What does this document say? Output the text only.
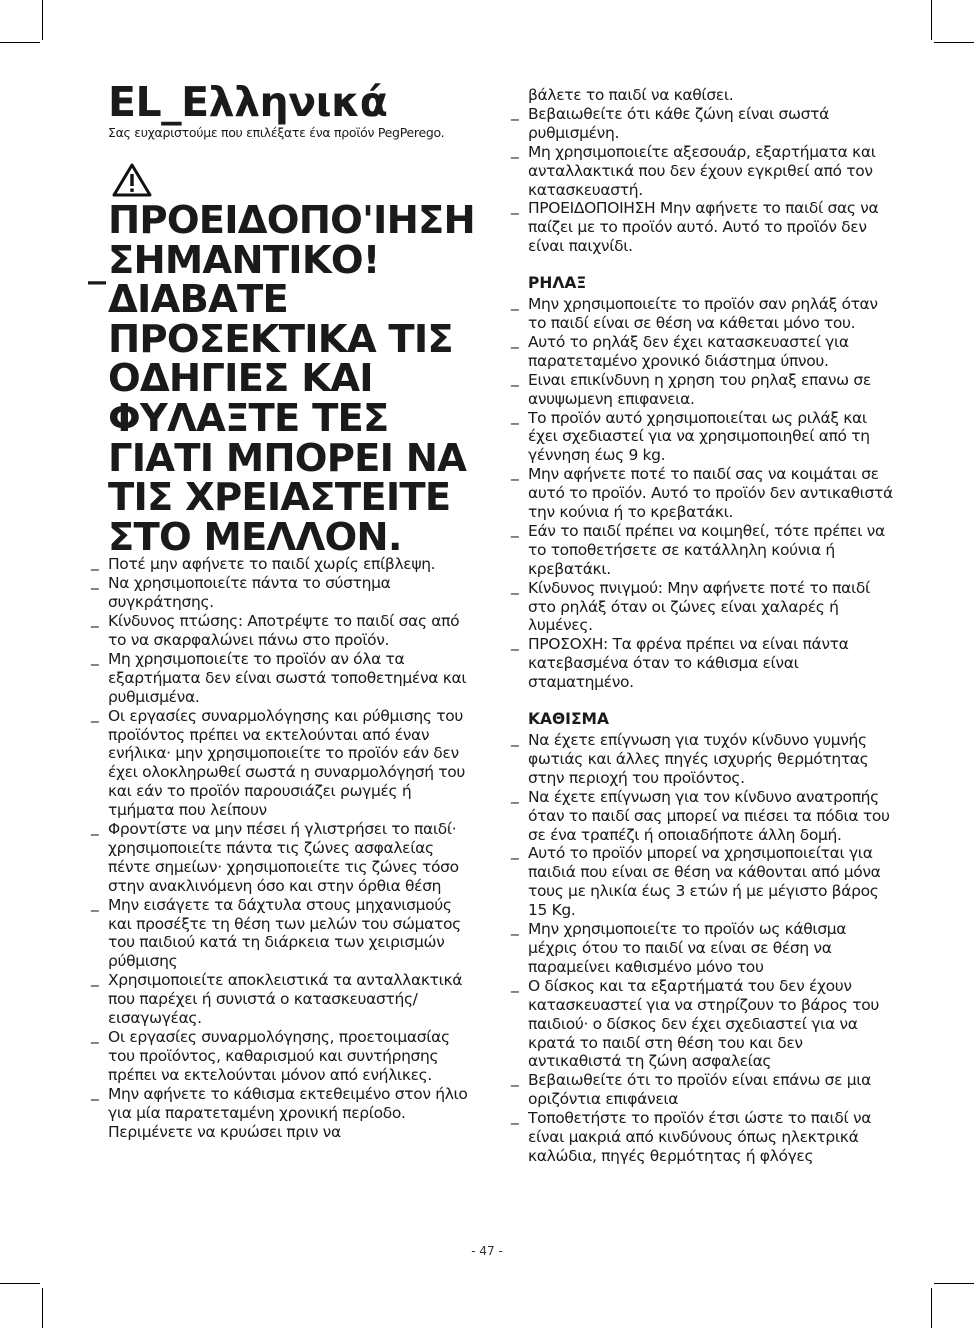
EL_Ελληνικά

Σας ευχαριστούμε που επιλέξατε ένα προϊόν PegPerego.

_
ΠΡΟΕΙΔΟΠΟ'ΙΗΣΗ
ΣΗΜΑΝΤΙΚΟ! ΔΙΑΒΑΤΕ ΠΡΟΣΕΚΤΙΚΑ ΤΙΣ ΟΔΗΓΙΕΣ ΚΑΙ ΦΥΛΑΞΤΕ ΤΕΣ ΓΙΑΤΙ ΜΠΟΡΕΙ ΝΑ ΤΙΣ ΧΡΕΙΑΣΤΕΙΤΕ ΣΤΟ ΜΕΛΛΟΝ.
_ Ποτέ μην αφήνετε το παιδί χωρίς επίβλεψη.
_ Να χρησιμοποιείτε πάντα το σύστημα συγκράτησης.
_ Κίνδυνος πτώσης: Αποτρέψτε το παιδί σας από το να σκαρφαλώνει πάνω στο προϊόν.
_ Μη χρησιμοποιείτε το προϊόν αν όλα τα εξαρτήματα δεν είναι σωστά τοποθετημένα και ρυθμισμένα.
_ Οι εργασίες συναρμολόγησης και ρύθμισης του προϊόντος πρέπει να εκτελούνται από έναν ενήλικα· μην χρησιμοποιείτε το προϊόν εάν δεν έχει ολοκληρωθεί σωστά η συναρμολόγησή του και εάν το προϊόν παρουσιάζει ρωγμές ή τμήματα που λείπουν
_ Φροντίστε να μην πέσει ή γλιστρήσει το παιδί· χρησιμοποιείτε πάντα τις ζώνες ασφαλείας πέντε σημείων· χρησιμοποιείτε τις ζώνες τόσο στην ανακλινόμενη όσο και στην όρθια θέση
_ Μην εισάγετε τα δάχτυλα στους μηχανισμούς και προσέξτε τη θέση των μελών του σώματος του παιδιού κατά τη διάρκεια των χειρισμών ρύθμισης
_ Χρησιμοποιείτε αποκλειστικά τα ανταλλακτικά που παρέχει ή συνιστά ο κατασκευαστής/εισαγωγέας.
_ Οι εργασίες συναρμολόγησης, προετοιμασίας του προϊόντος, καθαρισμού και συντήρησης πρέπει να εκτελούνται μόνον από ενήλικες.
_ Μην αφήνετε το κάθισμα εκτεθειμένο στον ήλιο για μία παρατεταμένη χρονική περίοδο. Περιμένετε να κρυώσει πριν να

βάλετε το παιδί να καθίσει.

_ Βεβαιωθείτε ότι κάθε ζώνη είναι σωστά ρυθμισμένη.
_ Μη χρησιμοποιείτε αξεσουάρ, εξαρτήματα και ανταλλακτικά που δεν έχουν εγκριθεί από τον κατασκευαστή.
_ ΠΡΟΕΙΔΟΠΟΙΗΣΗ Μην αφήνετε το παιδί σας να παίζει με το προϊόν αυτό. Αυτό το προϊόν δεν είναι παιχνίδι.
ΡΗΛΑΞ
_ Μην χρησιμοποιείτε το προϊόν σαν ρηλάξ όταν το παιδί είναι σε θέση να κάθεται μόνο του.
_ Αυτό το ρηλάξ δεν έχει κατασκευαστεί για παρατεταμένο χρονικό διάστημα ύπνου.
_ Ειναι επικίνδυνη η χρηση του ρηλαξ επανω σε ανυψωμενη επιφανεια.
_ Το προϊόν αυτό χρησιμοποιείται ως ριλάξ και έχει σχεδιαστεί για να χρησιμοποιηθεί από τη γέννηση έως 9 kg.
_ Μην αφήνετε ποτέ το παιδί σας να κοιμάται σε αυτό το προϊόν. Αυτό το προϊόν δεν αντικαθιστά την κούνια ή το κρεβατάκι.
_ Εάν το παιδί πρέπει να κοιμηθεί, τότε πρέπει να το τοποθετήσετε σε κατάλληλη κούνια ή κρεβατάκι.
_ Κίνδυνος πνιγμού: Μην αφήνετε ποτέ το παιδί στο ρηλάξ όταν οι ζώνες είναι χαλαρές ή λυμένες.
_ ΠΡΟΣΟΧΗ: Τα φρένα πρέπει να είναι πάντα κατεβασμένα όταν το κάθισμα είναι σταματημένο.
ΚΑΘΙΣΜΑ
_ Να έχετε επίγνωση για τυχόν κίνδυνο γυμνής φωτιάς και άλλες πηγές ισχυρής θερμότητας στην περιοχή του προϊόντος.
_ Να έχετε επίγνωση για τον κίνδυνο ανατροπής όταν το παιδί σας μπορεί να πιέσει τα πόδια του σε ένα τραπέζι ή οποιαδήποτε άλλη δομή.
_ Αυτό το προϊόν μπορεί να χρησιμοποιείται για παιδιά που είναι σε θέση να κάθονται από μόνα τους με ηλικία έως 3 ετών ή με μέγιστο βάρος 15 Kg.
_ Μην χρησιμοποιείτε το προϊόν ως κάθισμα μέχρις ότου το παιδί να είναι σε θέση να παραμείνει καθισμένο μόνο του
_ Ο δίσκος και τα εξαρτήματά του δεν έχουν κατασκευαστεί για να στηρίζουν το βάρος του παιδιού· ο δίσκος δεν έχει σχεδιαστεί για να κρατά το παιδί στη θέση του και δεν αντικαθιστά τη ζώνη ασφαλείας
_ Βεβαιωθείτε ότι το προϊόν είναι επάνω σε μια οριζόντια επιφάνεια
_ Τοποθετήστε το προϊόν έτσι ώστε το παιδί να είναι μακριά από κινδύνους όπως ηλεκτρικά καλώδια, πηγές θερμότητας ή φλόγες
- 47 -
